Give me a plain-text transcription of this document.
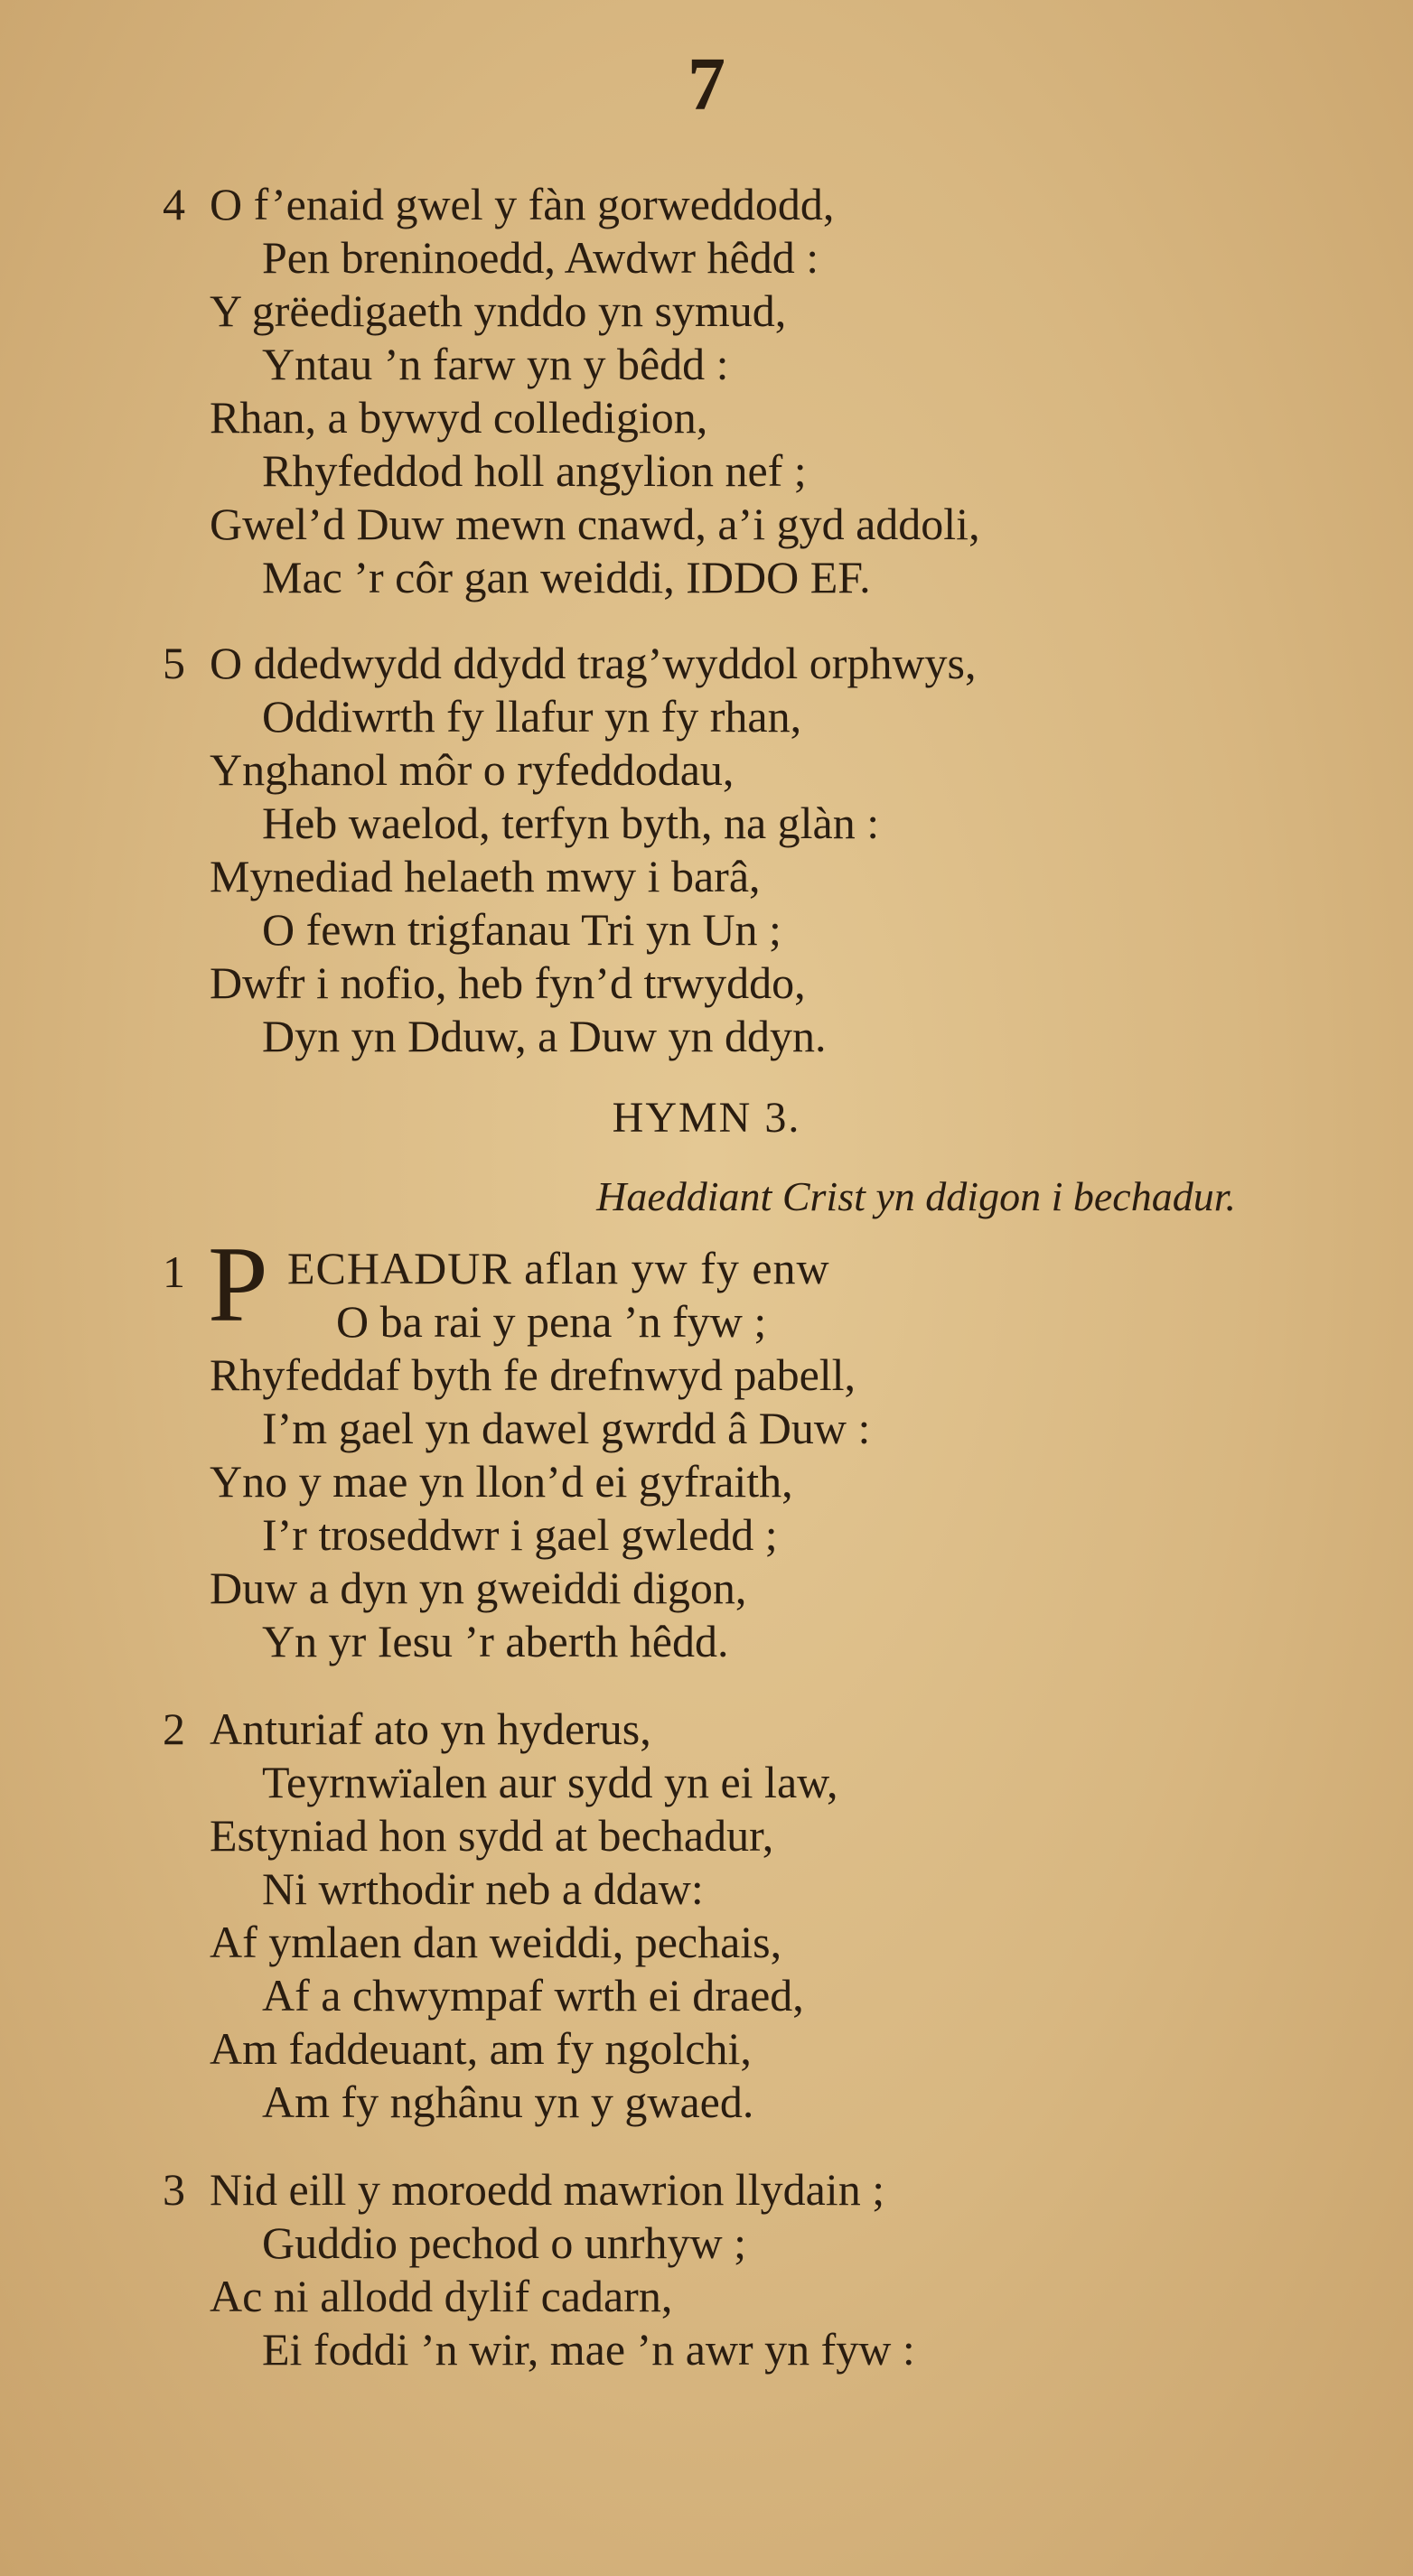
7
4 O f’enaid gwel y fàn gorweddodd,
Pen breninoedd, Awdwr hêdd :
Y grëedigaeth ynddo yn symud,
Yntau ’n farw yn y bêdd :
Rhan, a bywyd colledigion,
Rhyfeddod holl angylion nef ;
Gwel’d Duw mewn cnawd, a’i gyd addoli,
Mac ’r côr gan weiddi, IDDO EF.
5 O ddedwydd ddydd trag’wyddol orphwys,
Oddiwrth fy llafur yn fy rhan,
Ynghanol môr o ryfeddodau,
Heb waelod, terfyn byth, na glàn :
Mynediad helaeth mwy i barâ,
O fewn trigfanau Tri yn Un ;
Dwfr i nofio, heb fyn’d trwyddo,
Dyn yn Dduw, a Duw yn ddyn.
HYMN 3.
Haeddiant Crist yn ddigon i bechadur.
1 P ECHADUR aflan yw fy enw
O ba rai y pena ’n fyw ;
Rhyfeddaf byth fe drefnwyd pabell,
I’m gael yn dawel gwrdd â Duw :
Yno y mae yn llon’d ei gyfraith,
I’r troseddwr i gael gwledd ;
Duw a dyn yn gweiddi digon,
Yn yr Iesu ’r aberth hêdd.
2 Anturiaf ato yn hyderus,
Teyrnwïalen aur sydd yn ei law,
Estyniad hon sydd at bechadur,
Ni wrthodir neb a ddaw:
Af ymlaen dan weiddi, pechais,
Af a chwympaf wrth ei draed,
Am faddeuant, am fy ngolchi,
Am fy nghânu yn y gwaed.
3 Nid eill y moroedd mawrion llydain ;
Guddio pechod o unrhyw ;
Ac ni allodd dylif cadarn,
Ei foddi ’n wir, mae ’n awr yn fyw :
